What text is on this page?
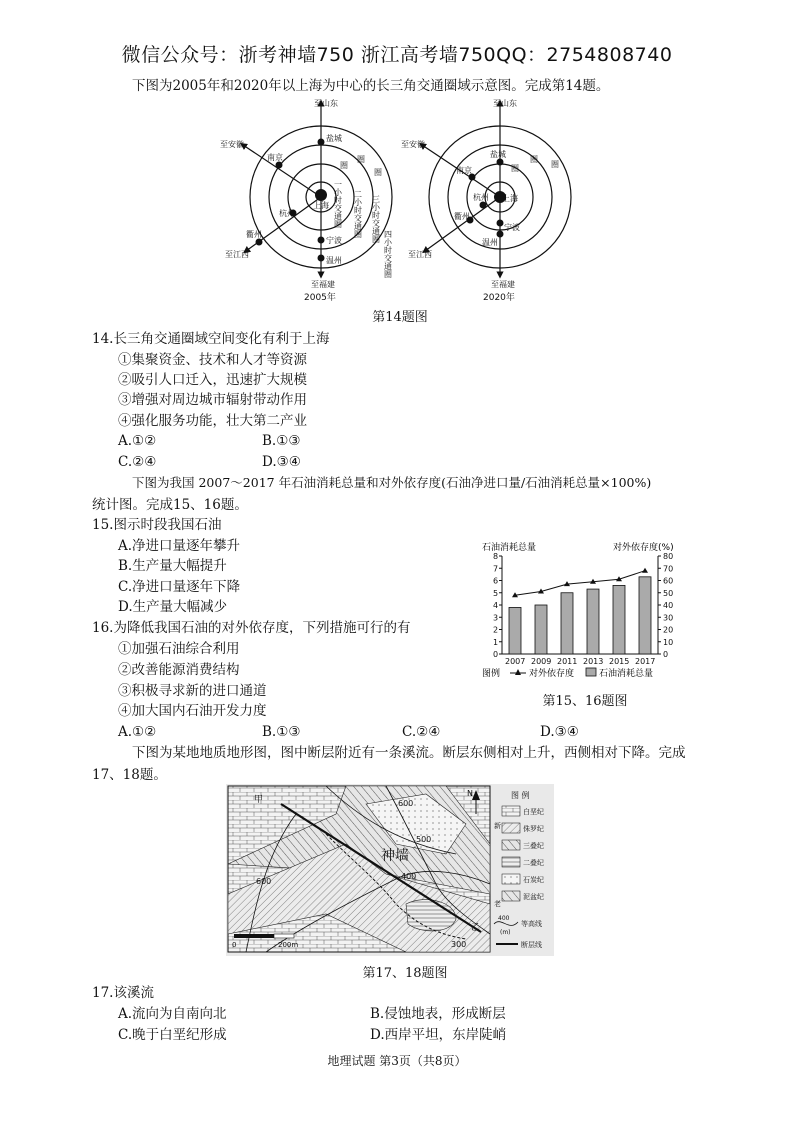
微信公众号：浙考神墙750 浙江高考墙750QQ：2754808740
下图为2005年和2020年以上海为中心的长三角交通圈域示意图。完成第14题。
至山东
至安徽
至江西
至福建
盐城
南京
杭州
上海
宁波
温州
衢州
圈
圈
圈
一小时交通圈 二小时交通圈 三小时交通圈
四小时交通圈
2005年
至山东
至安徽
至江西
至福建
盐城
南京
杭州 上海
宁波
温州
衢州
圈
圈
圈
2020年
第14题图
14.长三角交通圈域空间变化有利于上海
①集聚资金、技术和人才等资源
②吸引人口迁入，迅速扩大规模
③增强对周边城市辐射带动作用
④强化服务功能，壮大第二产业
A.①②	B.①③
C.②④	D.③④
下图为我国 2007～2017 年石油消耗总量和对外依存度(石油净进口量/石油消耗总量×100%)
统计图。完成15、16题。
15.图示时段我国石油
A.净进口量逐年攀升
B.生产量大幅提升
C.净进口量逐年下降
D.生产量大幅减少
16.为降低我国石油的对外依存度，下列措施可行的有
①加强石油综合利用
②改善能源消费结构
③积极寻求新的进口通道
④加大国内石油开发力度
A.①②	B.①③	C.②④	D.③④
石油消耗总量	对外依存度(%)
0
1
2
3
4
5
6
7
8
0
10
20
30
40
50
60
70
80
2007 2009 2011 2013 2015 2017
图例	对外依存度	石油消耗总量
第15、16题图
下图为某地地质地形图，图中断层附近有一条溪流。断层东侧相对上升，西侧相对下降。完成
17、18题。
甲
乙
600
500
600
400
300
神墙
0	200m
N	图 例
新
老
白垩纪
侏罗纪
三叠纪
二叠纪
石炭纪
泥盆纪
400
(m)
等高线
断层线
第17、18题图
17.该溪流
A.流向为自南向北	B.侵蚀地表，形成断层
C.晚于白垩纪形成	D.西岸平坦，东岸陡峭
地理试题 第3页（共8页）
